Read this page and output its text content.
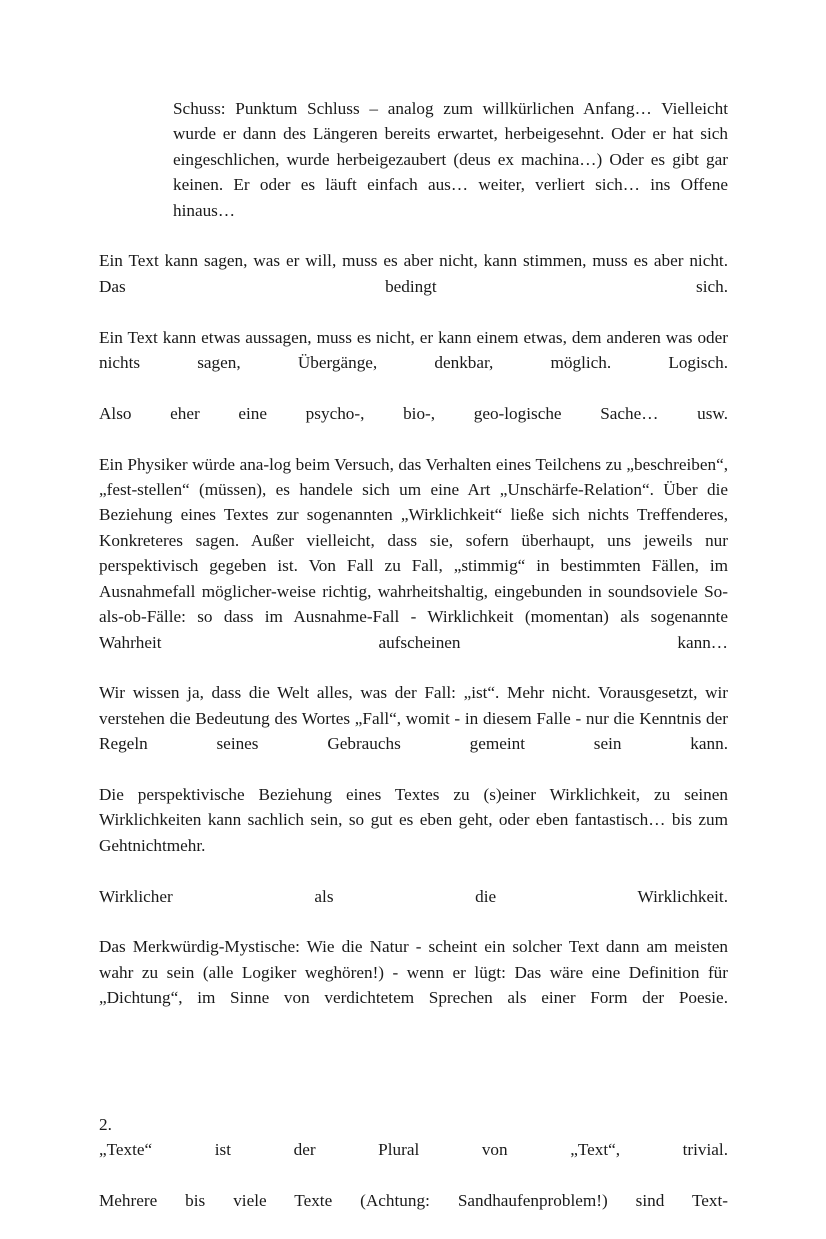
Schuss: Punktum Schluss – analog zum willkürlichen Anfang… Vielleicht wurde er dann des Längeren bereits erwartet, herbeigesehnt. Oder er hat sich eingeschlichen, wurde herbeigezaubert (deus ex machina…) Oder es gibt gar keinen. Er oder es läuft einfach aus… weiter, verliert sich… ins Offene hinaus…

Ein Text kann sagen, was er will, muss es aber nicht, kann stimmen, muss es aber nicht. Das bedingt sich.

Ein Text kann etwas aussagen, muss es nicht, er kann einem etwas, dem anderen was oder nichts sagen, Übergänge, denkbar, möglich. Logisch.

Also eher eine psycho-, bio-, geo-logische Sache… usw.

Ein Physiker würde ana-log beim Versuch, das Verhalten eines Teilchens zu „beschreiben“, „fest-stellen“ (müssen), es handele sich um eine Art „Unschärfe-Relation“. Über die Beziehung eines Textes zur sogenannten „Wirklichkeit“ ließe sich nichts Treffenderes, Konkreteres sagen. Außer vielleicht, dass sie, sofern überhaupt, uns jeweils nur perspektivisch gegeben ist. Von Fall zu Fall, „stimmig“ in bestimmten Fällen, im Ausnahmefall möglicher-weise richtig, wahrheitshaltig, eingebunden in soundsoviele So-als-ob-Fälle: so dass im Ausnahme-Fall - Wirklichkeit (momentan) als sogenannte Wahrheit aufscheinen kann…

Wir wissen ja, dass die Welt alles, was der Fall: „ist“. Mehr nicht. Vorausgesetzt, wir verstehen die Bedeutung des Wortes „Fall“, womit - in diesem Falle - nur die Kenntnis der Regeln seines Gebrauchs gemeint sein kann.

Die perspektivische Beziehung eines Textes zu (s)einer Wirklichkeit, zu seinen Wirklichkeiten kann sachlich sein, so gut es eben geht, oder eben fantastisch… bis zum Gehtnichtmehr.

Wirklicher als die Wirklichkeit.

Das Merkwürdig-Mystische: Wie die Natur - scheint ein solcher Text dann am meisten wahr zu sein (alle Logiker weghören!) - wenn er lügt: Das wäre eine Definition für „Dichtung“, im Sinne von verdichtetem Sprechen als einer Form der Poesie.

2.

„Texte“ ist der Plural von „Text“, trivial.

Mehrere bis viele Texte (Achtung: Sandhaufenproblem!) sind Text-
